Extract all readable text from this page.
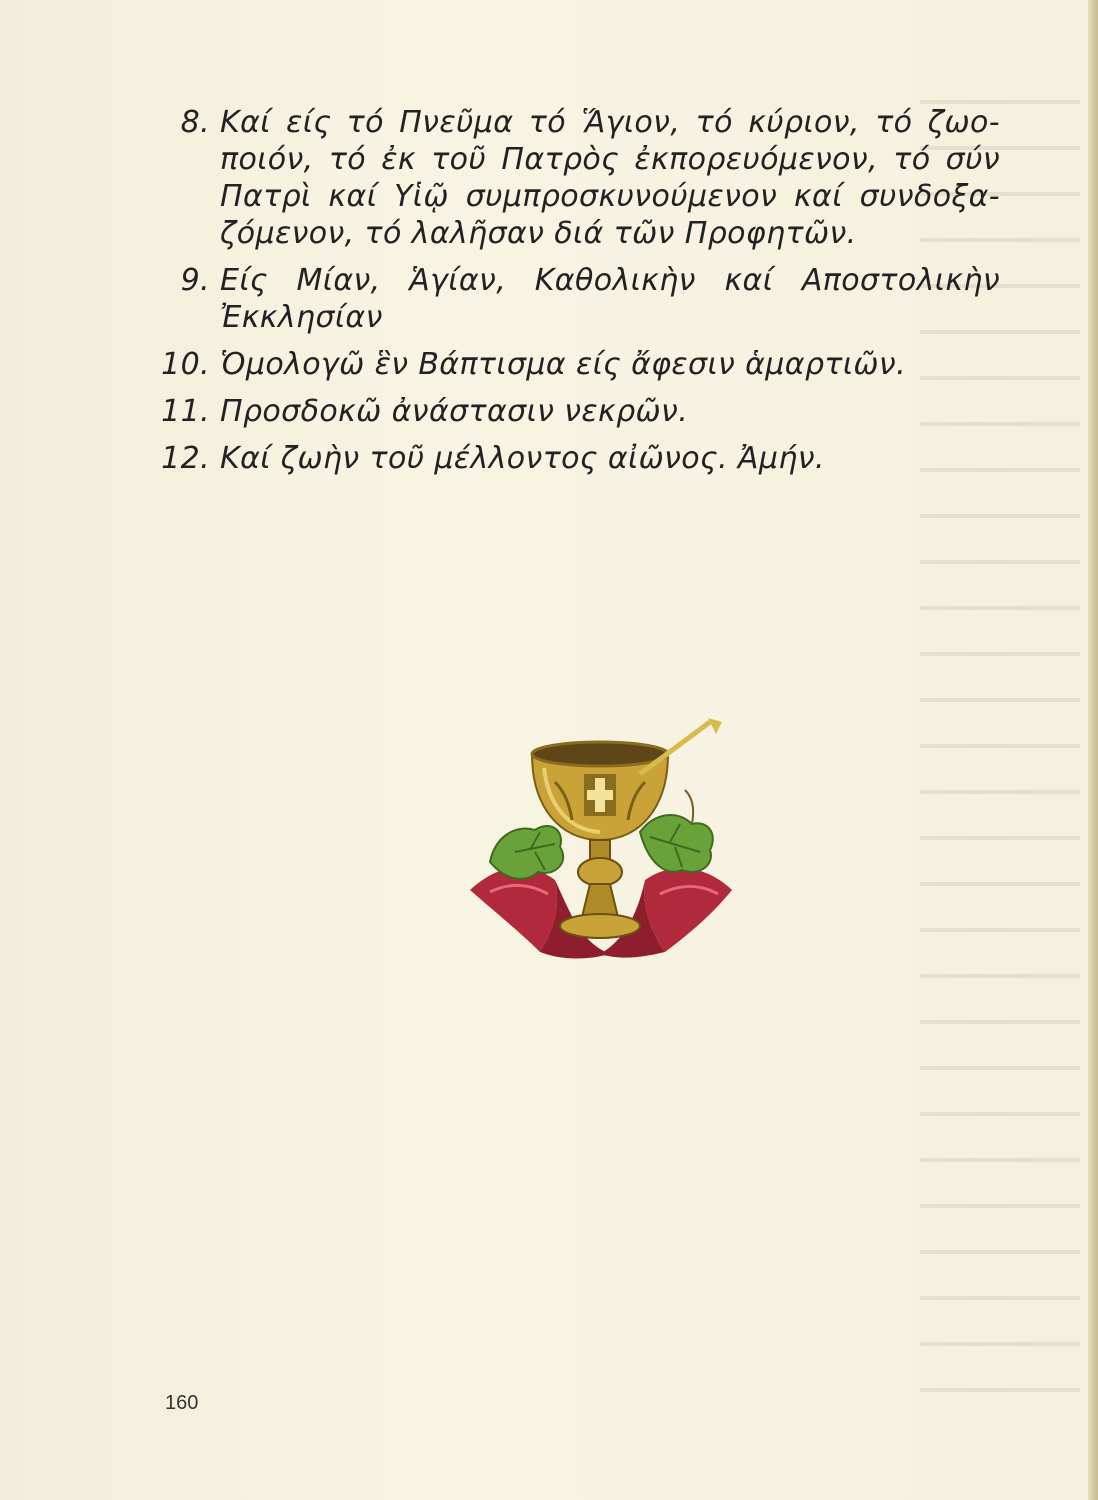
8. Καί είς τό Πνεῦμα τό Ἅγιον, τό κύριον, τό ζωο-
ποιόν, τό ἐκ τοῦ Πατρὸς ἐκπορευόμενον, τό σύν
Πατρὶ καί Υἱῷ συμπροσκυνούμενον καί συνδοξα-
ζόμενον, τό λαλῆσαν διά τῶν Προφητῶν.
9. Είς Μίαν, Ἁγίαν, Καθολικὴν καί Αποστολικὴν
Ἐκκλησίαν
10. Ὁμολογῶ ἓν Βάπτισμα είς ἄφεσιν ἁμαρτιῶν.
11. Προσδοκῶ ἀνάστασιν νεκρῶν.
12. Καί ζωὴν τοῦ μέλλοντος αἰῶνος. Ἀμήν.
160
